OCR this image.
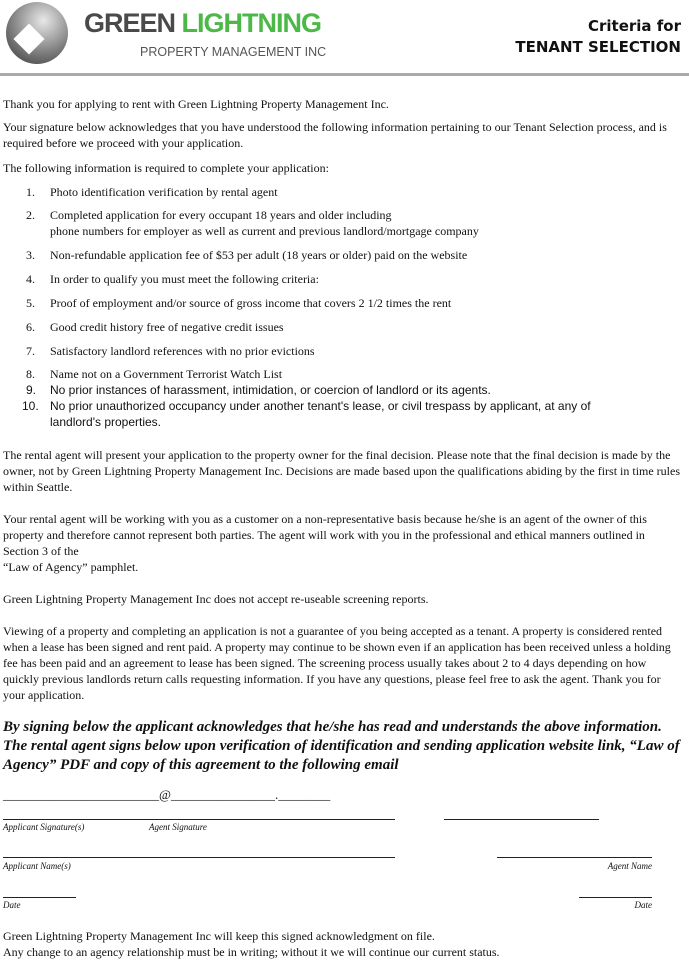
GREEN LIGHTNING
PROPERTY MANAGEMENT INC
Criteria for
TENANT SELECTION

Thank you for applying to rent with Green Lightning Property Management Inc.

Your signature below acknowledges that you have understood the following information pertaining to our Tenant Selection process, and is required before we proceed with your application.

The following information is required to complete your application:

1. Photo identification verification by rental agent
2. Completed application for every occupant 18 years and older including
phone numbers for employer as well as current and previous landlord/mortgage company
3. Non-refundable application fee of $53 per adult (18 years or older) paid on the website
4. In order to qualify you must meet the following criteria:
5. Proof of employment and/or source of gross income that covers 2 1/2 times the rent
6. Good credit history free of negative credit issues
7. Satisfactory landlord references with no prior evictions
8. Name not on a Government Terrorist Watch List
9. No prior instances of harassment, intimidation, or coercion of landlord or its agents.
10. No prior unauthorized occupancy under another tenant's lease, or civil trespass by applicant, at any of
landlord's properties.

The rental agent will present your application to the property owner for the final decision. Please note that the final decision is made by the owner, not by Green Lightning Property Management Inc. Decisions are made based upon the qualifications abiding by the first in time rules within Seattle.

Your rental agent will be working with you as a customer on a non-representative basis because he/she is an agent of the owner of this property and therefore cannot represent both parties. The agent will work with you in the professional and ethical manners outlined in Section 3 of the

“Law of Agency” pamphlet.

Green Lightning Property Management Inc does not accept re-useable screening reports.

Viewing of a property and completing an application is not a guarantee of you being accepted as a tenant. A property is considered rented when a lease has been signed and rent paid. A property may continue to be shown even if an application has been received unless a holding fee has been paid and an agreement to lease has been signed. The screening process usually takes about 2 to 4 days depending on how quickly previous landlords return calls requesting information. If you have any questions, please feel free to ask the agent. Thank you for your application.

By signing below the applicant acknowledges that he/she has read and understands the above information. The rental agent signs below upon verification of identification and sending application website link, “Law of Agency” PDF and copy of this agreement to the following email
________________________@________________.________
Applicant Signature(s)	Agent Signature
Applicant Name(s)	Agent Name
Date	Date

Green Lightning Property Management Inc will keep this signed acknowledgment on file.

Any change to an agency relationship must be in writing; without it we will continue our current status.
